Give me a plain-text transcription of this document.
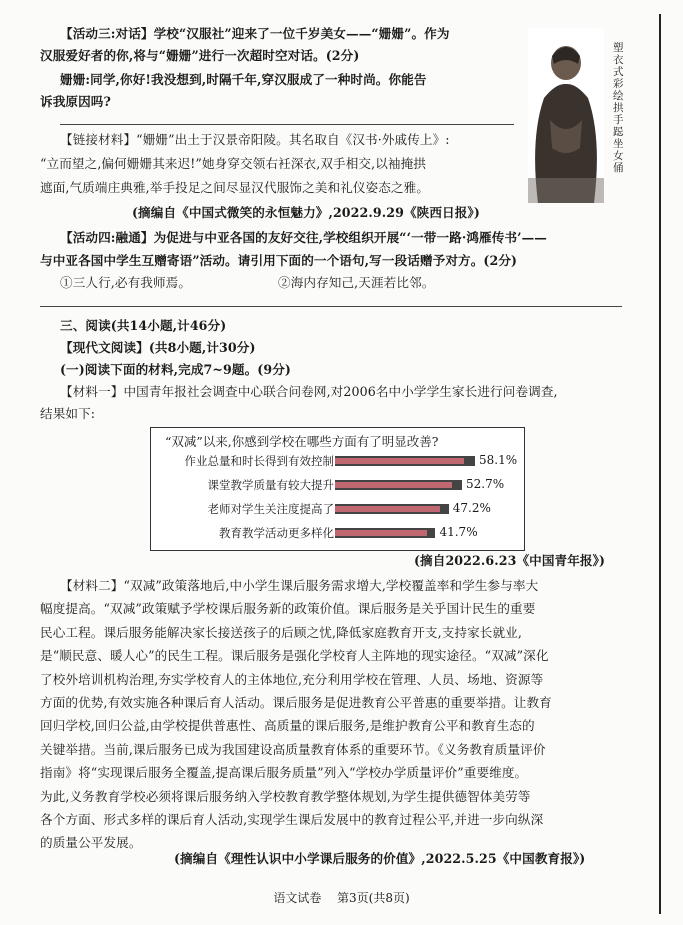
【活动三:对话】学校“汉服社”迎来了一位千岁美女——“姗姗”。作为
汉服爱好者的你,将与“姗姗”进行一次超时空对话。(2分)
姗姗:同学,你好!我没想到,时隔千年,穿汉服成了一种时尚。你能告
诉我原因吗?
塑
衣
式
彩
绘
拱
手
跽
坐
女
俑
【链接材料】“姗姗”出土于汉景帝阳陵。其名取自《汉书·外戚传上》:
“立而望之,偏何姗姗其来迟!”她身穿交领右衽深衣,双手相交,以袖掩拱
遮面,气质端庄典雅,举手投足之间尽显汉代服饰之美和礼仪姿态之雅。
(摘编自《中国式微笑的永恒魅力》,2022.9.29《陕西日报》)
【活动四:融通】为促进与中亚各国的友好交往,学校组织开展“‘一带一路·鸿雁传书’——
与中亚各国中学生互赠寄语”活动。请引用下面的一个语句,写一段话赠予对方。(2分)
①三人行,必有我师焉。	②海内存知己,天涯若比邻。
三、阅读(共14小题,计46分)
【现代文阅读】(共8小题,计30分)
(一)阅读下面的材料,完成7~9题。(9分)
【材料一】中国青年报社会调查中心联合问卷网,对2006名中小学学生家长进行问卷调查,
结果如下:
“双减”以来,你感到学校在哪些方面有了明显改善?
作业总量和时长得到有效控制	58.1%
课堂教学质量有较大提升	52.7%
老师对学生关注度提高了	47.2%
教育教学活动更多样化	41.7%
(摘自2022.6.23《中国青年报》)
【材料二】“双减”政策落地后,中小学生课后服务需求增大,学校覆盖率和学生参与率大
幅度提高。“双减”政策赋予学校课后服务新的政策价值。课后服务是关乎国计民生的重要
民心工程。课后服务能解决家长接送孩子的后顾之忧,降低家庭教育开支,支持家长就业,
是“顺民意、暖人心”的民生工程。课后服务是强化学校育人主阵地的现实途径。“双减”深化
了校外培训机构治理,夯实学校育人的主体地位,充分利用学校在管理、人员、场地、资源等
方面的优势,有效实施各种课后育人活动。课后服务是促进教育公平普惠的重要举措。让教育
回归学校,回归公益,由学校提供普惠性、高质量的课后服务,是维护教育公平和教育生态的
关键举措。当前,课后服务已成为我国建设高质量教育体系的重要环节。《义务教育质量评价
指南》将“实现课后服务全覆盖,提高课后服务质量”列入“学校办学质量评价”重要维度。
为此,义务教育学校必须将课后服务纳入学校教育教学整体规划,为学生提供德智体美劳等
各个方面、形式多样的课后育人活动,实现学生课后发展中的教育过程公平,并进一步向纵深
的质量公平发展。
(摘编自《理性认识中小学课后服务的价值》,2022.5.25《中国教育报》)
语文试卷 第3页(共8页)
